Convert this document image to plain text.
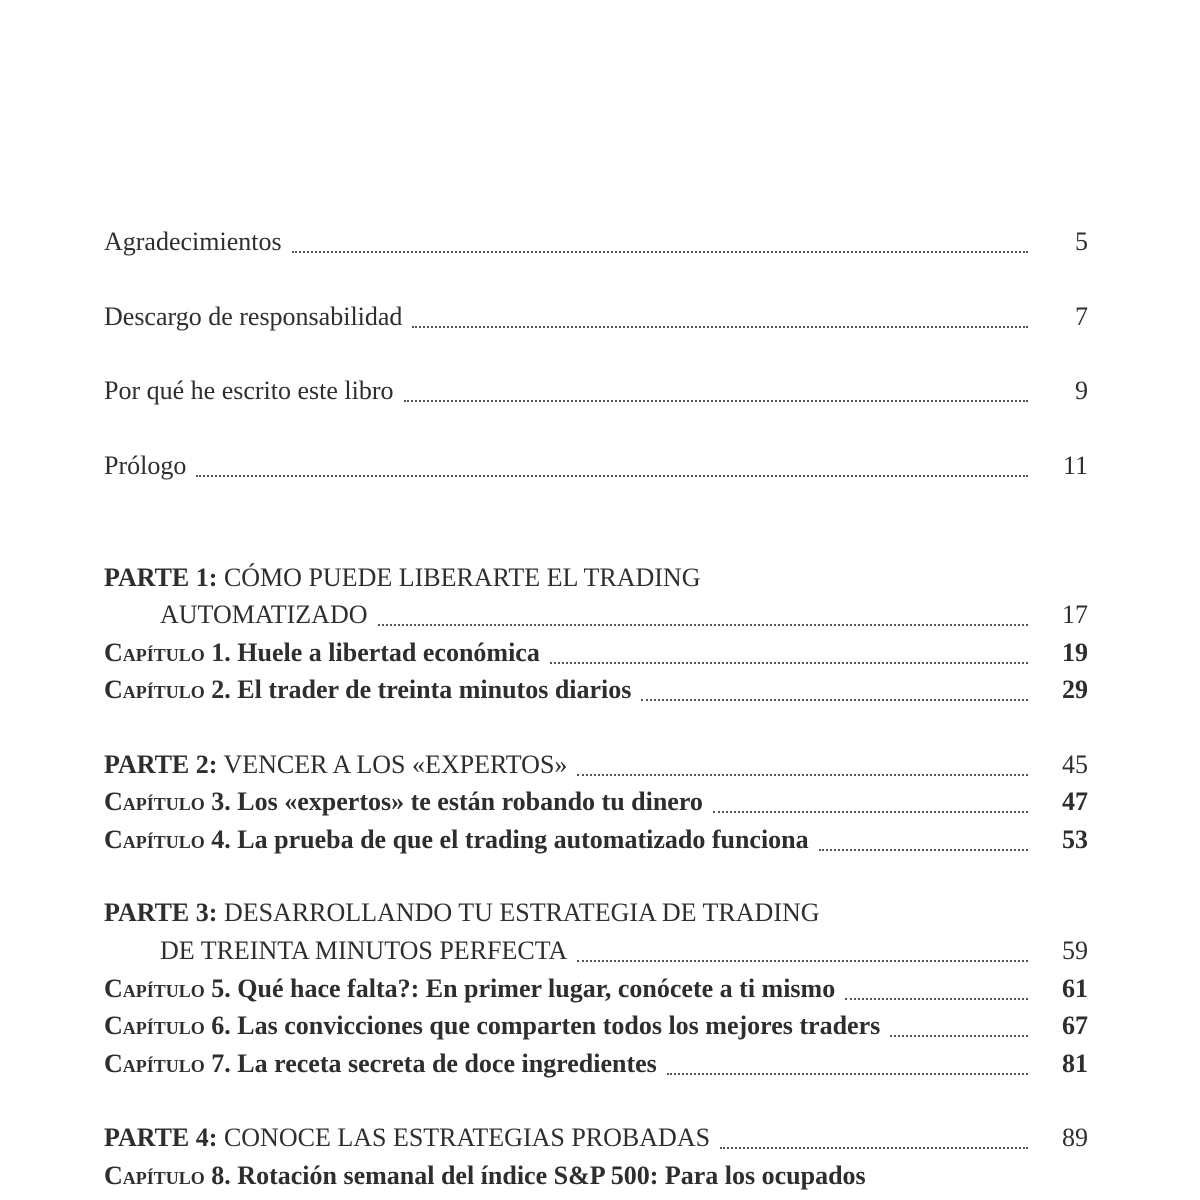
Agradecimientos	5
Descargo de responsabilidad	7
Por qué he escrito este libro	9
Prólogo	11
PARTE 1: CÓMO PUEDE LIBERARTE EL TRADING
AUTOMATIZADO	17
Capítulo 1. Huele a libertad económica	19
Capítulo 2. El trader de treinta minutos diarios	29
PARTE 2: VENCER A LOS «EXPERTOS»	45
Capítulo 3. Los «expertos» te están robando tu dinero	47
Capítulo 4. La prueba de que el trading automatizado funciona	53
PARTE 3: DESARROLLANDO TU ESTRATEGIA DE TRADING
DE TREINTA MINUTOS PERFECTA	59
Capítulo 5. Qué hace falta?: En primer lugar, conócete a ti mismo	61
Capítulo 6. Las convicciones que comparten todos los mejores traders	67
Capítulo 7. La receta secreta de doce ingredientes	81
PARTE 4: CONOCE LAS ESTRATEGIAS PROBADAS	89
Capítulo 8. Rotación semanal del índice S&P 500: Para los ocupados
